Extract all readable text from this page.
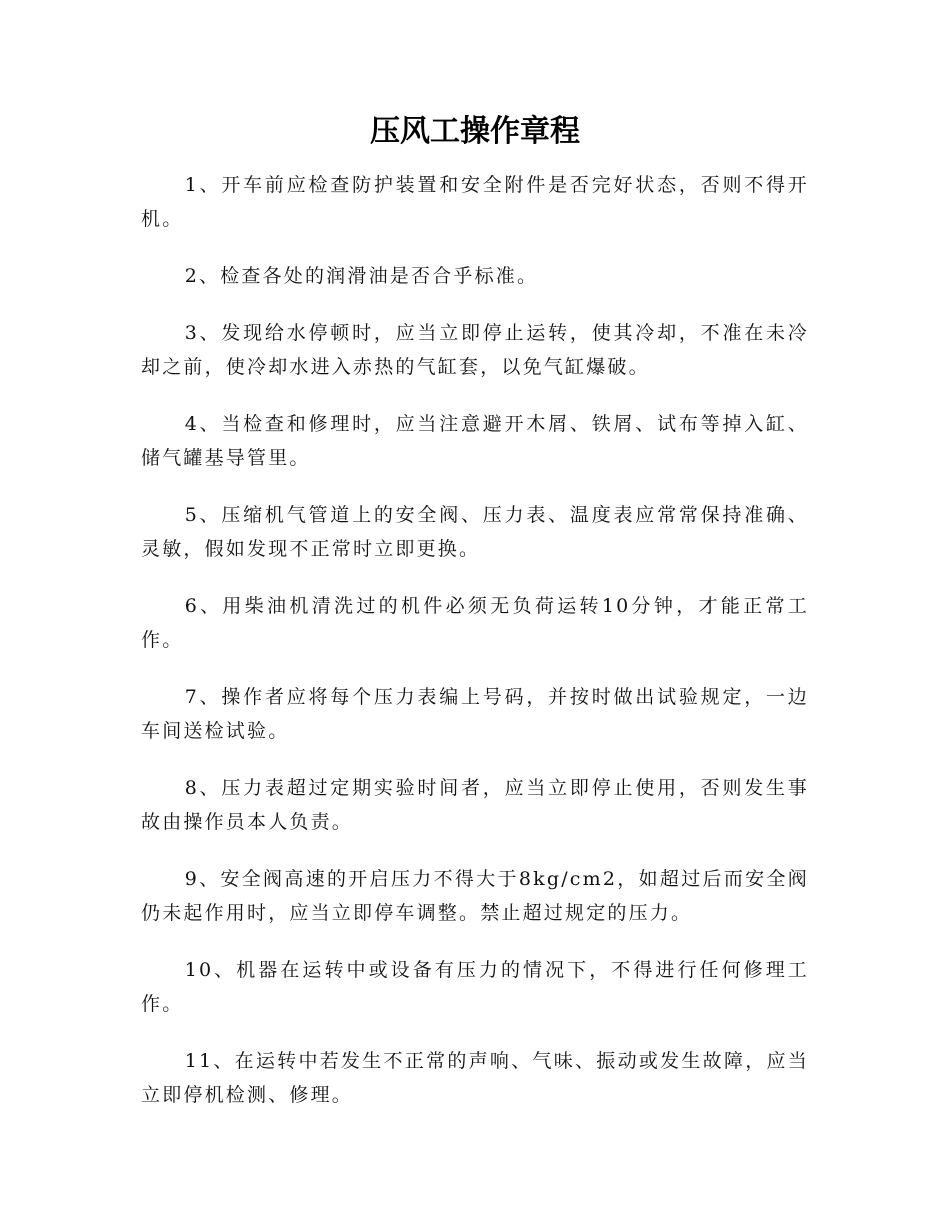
压风工操作章程

1、开车前应检查防护装置和安全附件是否完好状态，否则不得开机。

2、检查各处的润滑油是否合乎标准。

3、发现给水停顿时，应当立即停止运转，使其冷却，不准在未冷却之前，使冷却水进入赤热的气缸套，以免气缸爆破。

4、当检查和修理时，应当注意避开木屑、铁屑、试布等掉入缸、储气罐基导管里。

5、压缩机气管道上的安全阀、压力表、温度表应常常保持准确、灵敏，假如发现不正常时立即更换。

6、用柴油机清洗过的机件必须无负荷运转10分钟，才能正常工作。

7、操作者应将每个压力表编上号码，并按时做出试验规定，一边车间送检试验。

8、压力表超过定期实验时间者，应当立即停止使用，否则发生事故由操作员本人负责。

9、安全阀高速的开启压力不得大于8kg/cm2，如超过后而安全阀仍未起作用时，应当立即停车调整。禁止超过规定的压力。

10、机器在运转中或设备有压力的情况下，不得进行任何修理工作。

11、在运转中若发生不正常的声响、气味、振动或发生故障，应当立即停机检测、修理。
